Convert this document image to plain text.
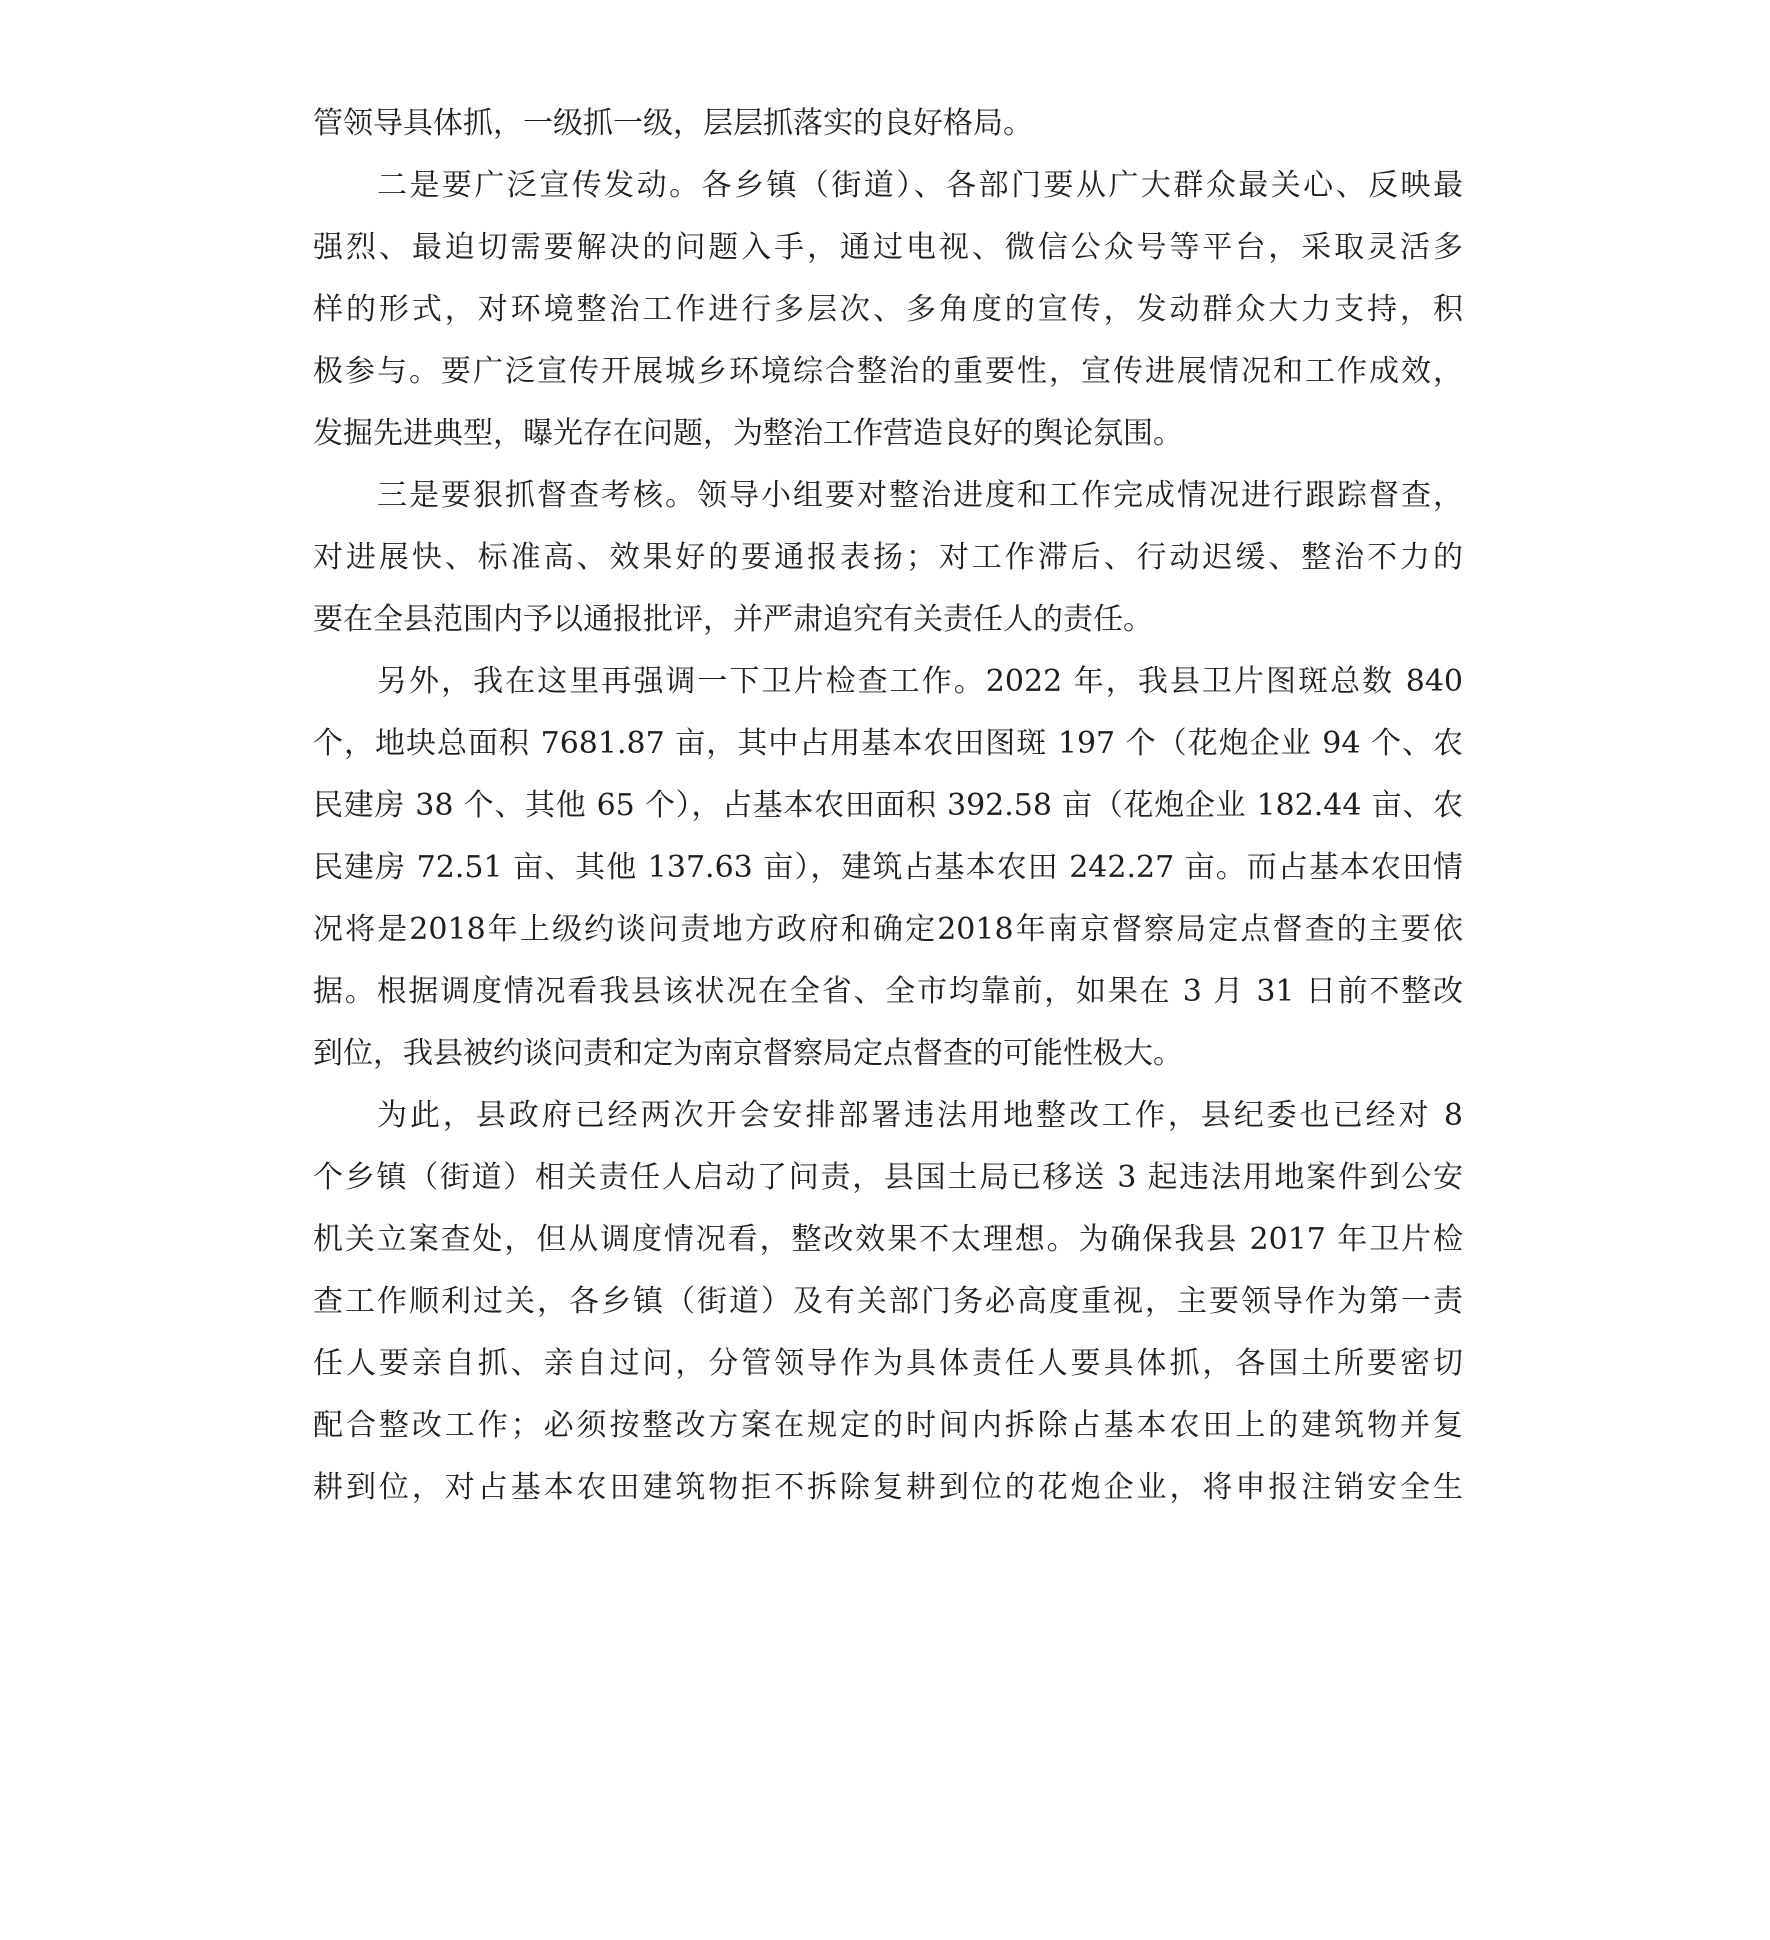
管领导具体抓，一级抓一级，层层抓落实的良好格局。
二是要广泛宣传发动。各乡镇（街道）、各部门要从广大群众最关心、反映最
强烈、最迫切需要解决的问题入手，通过电视、微信公众号等平台，采取灵活多
样的形式，对环境整治工作进行多层次、多角度的宣传，发动群众大力支持，积
极参与。要广泛宣传开展城乡环境综合整治的重要性，宣传进展情况和工作成效，
发掘先进典型，曝光存在问题，为整治工作营造良好的舆论氛围。
三是要狠抓督查考核。领导小组要对整治进度和工作完成情况进行跟踪督查，
对进展快、标准高、效果好的要通报表扬；对工作滞后、行动迟缓、整治不力的
要在全县范围内予以通报批评，并严肃追究有关责任人的责任。
另外，我在这里再强调一下卫片检查工作。2022 年，我县卫片图斑总数 840
个，地块总面积 7681.87 亩，其中占用基本农田图斑 197 个（花炮企业 94 个、农
民建房 38 个、其他 65 个），占基本农田面积 392.58 亩（花炮企业 182.44 亩、农
民建房 72.51 亩、其他 137.63 亩），建筑占基本农田 242.27 亩。而占基本农田情
况将是2018年上级约谈问责地方政府和确定2018年南京督察局定点督查的主要依
据。根据调度情况看我县该状况在全省、全市均靠前，如果在 3 月 31 日前不整改
到位，我县被约谈问责和定为南京督察局定点督查的可能性极大。
为此，县政府已经两次开会安排部署违法用地整改工作，县纪委也已经对 8
个乡镇（街道）相关责任人启动了问责，县国土局已移送 3 起违法用地案件到公安
机关立案查处，但从调度情况看，整改效果不太理想。为确保我县 2017 年卫片检
查工作顺利过关，各乡镇（街道）及有关部门务必高度重视，主要领导作为第一责
任人要亲自抓、亲自过问，分管领导作为具体责任人要具体抓，各国土所要密切
配合整改工作；必须按整改方案在规定的时间内拆除占基本农田上的建筑物并复
耕到位，对占基本农田建筑物拒不拆除复耕到位的花炮企业，将申报注销安全生
